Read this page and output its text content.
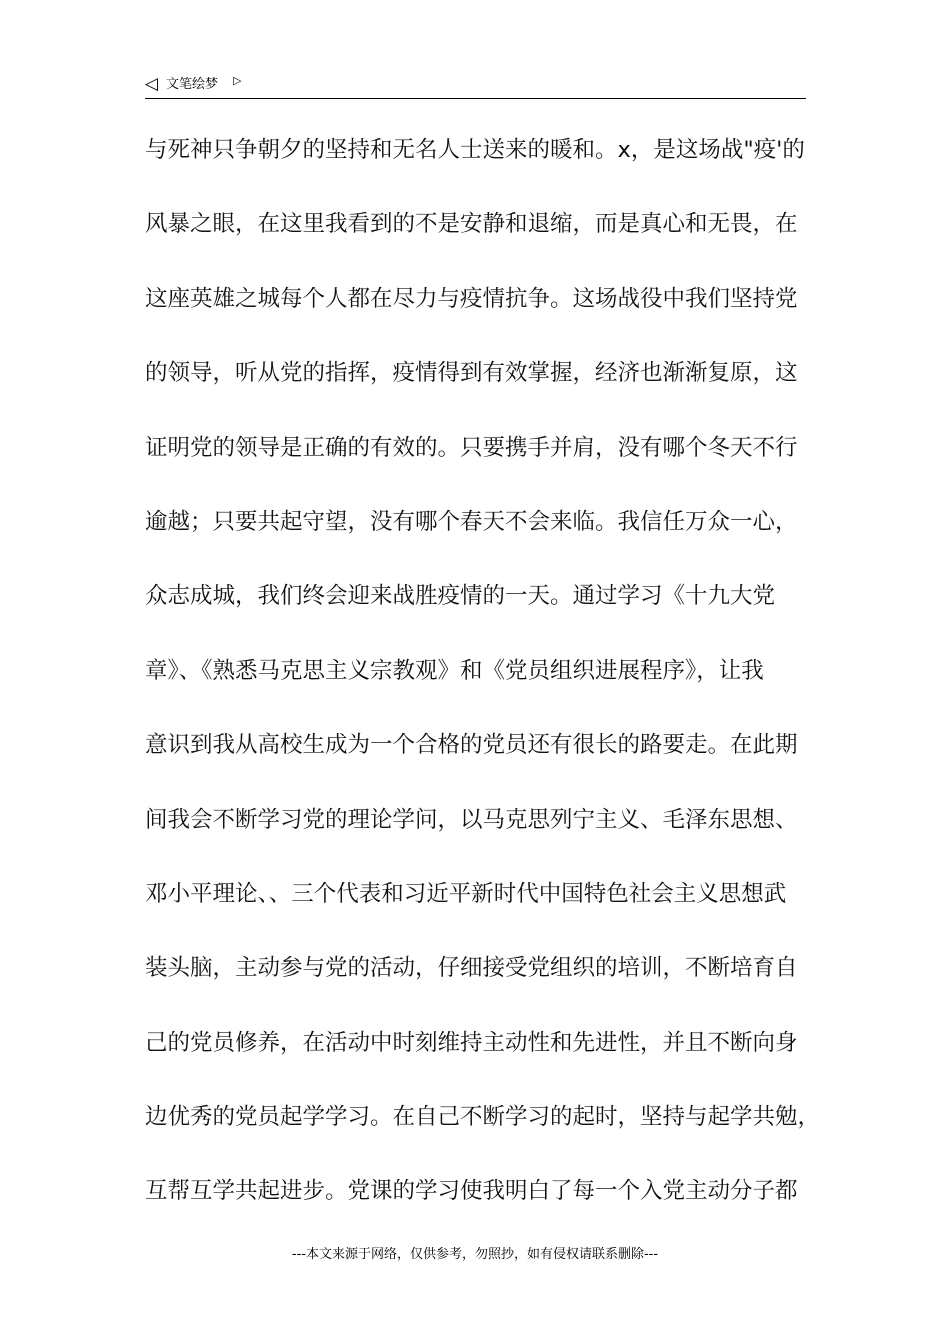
◁ 文笔绘梦 ▷
与死神只争朝夕的坚持和无名人士送来的暖和。x，是这场战"疫'的
风暴之眼，在这里我看到的不是安静和退缩，而是真心和无畏，在
这座英雄之城每个人都在尽力与疫情抗争。这场战役中我们坚持党
的领导，听从党的指挥，疫情得到有效掌握，经济也渐渐复原，这
证明党的领导是正确的有效的。只要携手并肩，没有哪个冬天不行
逾越；只要共起守望，没有哪个春天不会来临。我信任万众一心，
众志成城，我们终会迎来战胜疫情的一天。通过学习《十九大党
章》、《熟悉马克思主义宗教观》和《党员组织进展程序》，让我
意识到我从高校生成为一个合格的党员还有很长的路要走。在此期
间我会不断学习党的理论学问，以马克思列宁主义、毛泽东思想、
邓小平理论、、三个代表和习近平新时代中国特色社会主义思想武
装头脑，主动参与党的活动，仔细接受党组织的培训，不断培育自
己的党员修养，在活动中时刻维持主动性和先进性，并且不断向身
边优秀的党员起学学习。在自己不断学习的起时，坚持与起学共勉，
互帮互学共起进步。党课的学习使我明白了每一个入党主动分子都
---本文来源于网络，仅供参考，勿照抄，如有侵权请联系删除---
